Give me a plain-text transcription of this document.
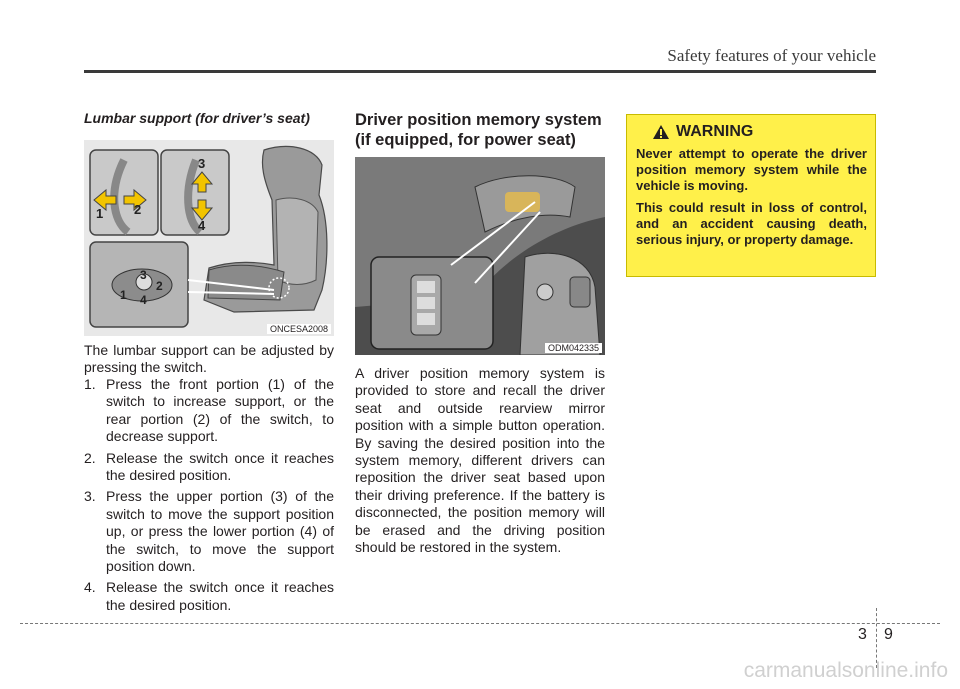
Safety features of your vehicle
Lumbar support (for driver’s seat)
1 2
3
4
3
1
2
4
ONCESA2008
The lumbar support can be adjusted by pressing the switch.
1. Press the front portion (1) of the switch to increase support, or the rear portion (2) of the switch, to decrease support.
2. Release the switch once it reaches the desired position.
3. Press the upper portion (3) of the switch to move the support position up, or press the lower portion (4) of the switch, to move the support position down.
4. Release the switch once it reaches the desired position.
Driver position memory system (if equipped, for power seat)
ODM042335
A driver position memory system is provided to store and recall the driver seat and outside rearview mirror position with a simple button operation. By saving the desired position into the system memory, different drivers can reposition the driver seat based upon their driving preference. If the battery is disconnected, the position memory will be erased and the driving position should be restored in the system.
WARNING
Never attempt to operate the driver position memory system while the vehicle is moving.
This could result in loss of control, and an accident causing death, serious injury, or property damage.
3 9
carmanualsonline.info
